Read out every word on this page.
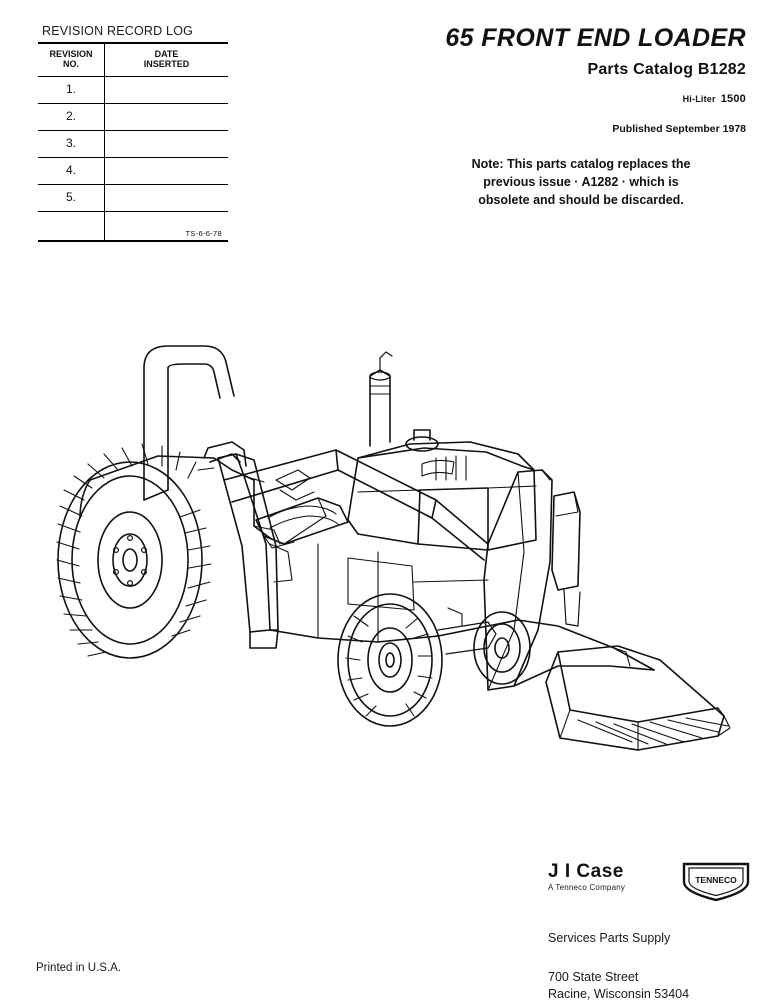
REVISION RECORD LOG
REVISION
NO.	DATE
INSERTED
1.	
2.	
3.	
4.	
5.	

	TS-6-6-78
65 FRONT END LOADER
Parts Catalog B1282
Hi-Liter 1500
Published September 1978
Note: This parts catalog replaces the
previous issue · A1282 · which is
obsolete and should be discarded.
J I Case
A Tenneco Company
TENNECO
Services Parts Supply
700 State Street
Racine, Wisconsin 53404
Printed in U.S.A.
